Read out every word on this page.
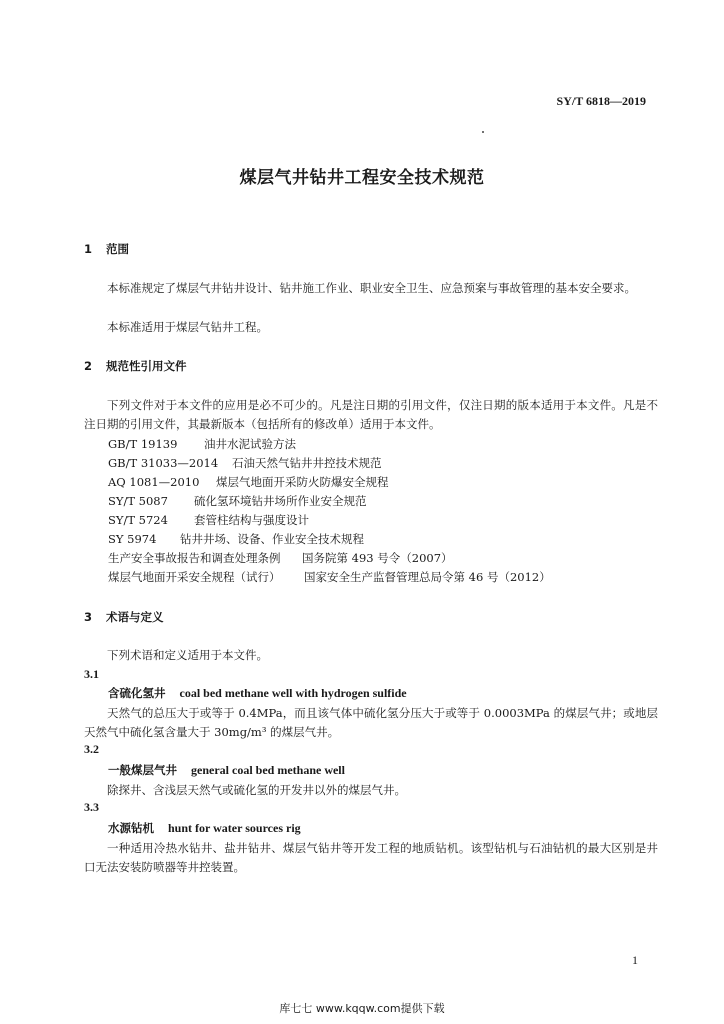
SY/T 6818—2019
煤层气井钻井工程安全技术规范
1 范围
本标准规定了煤层气井钻井设计、钻井施工作业、职业安全卫生、应急预案与事故管理的基本安全要求。
本标准适用于煤层气钻井工程。
2 规范性引用文件
下列文件对于本文件的应用是必不可少的。凡是注日期的引用文件，仅注日期的版本适用于本文件。凡是不注日期的引用文件，其最新版本（包括所有的修改单）适用于本文件。
GB/T 19139 油井水泥试验方法
GB/T 31033—2014 石油天然气钻井井控技术规范
AQ 1081—2010 煤层气地面开采防火防爆安全规程
SY/T 5087 硫化氢环境钻井场所作业安全规范
SY/T 5724 套管柱结构与强度设计
SY 5974 钻井井场、设备、作业安全技术规程
生产安全事故报告和调查处理条例 国务院第 493 号令（2007）
煤层气地面开采安全规程（试行） 国家安全生产监督管理总局令第 46 号（2012）
3 术语与定义
下列术语和定义适用于本文件。
3.1
含硫化氢井 coal bed methane well with hydrogen sulfide
天然气的总压大于或等于 0.4MPa，而且该气体中硫化氢分压大于或等于 0.0003MPa 的煤层气井；或地层天然气中硫化氢含量大于 30mg/m³ 的煤层气井。
3.2
一般煤层气井 general coal bed methane well
除探井、含浅层天然气或硫化氢的开发井以外的煤层气井。
3.3
水源钻机 hunt for water sources rig
一种适用冷热水钻井、盐井钻井、煤层气钻井等开发工程的地质钻机。该型钻机与石油钻机的最大区别是井口无法安装防喷器等井控装置。
1
库七七 www.kqqw.com提供下载
